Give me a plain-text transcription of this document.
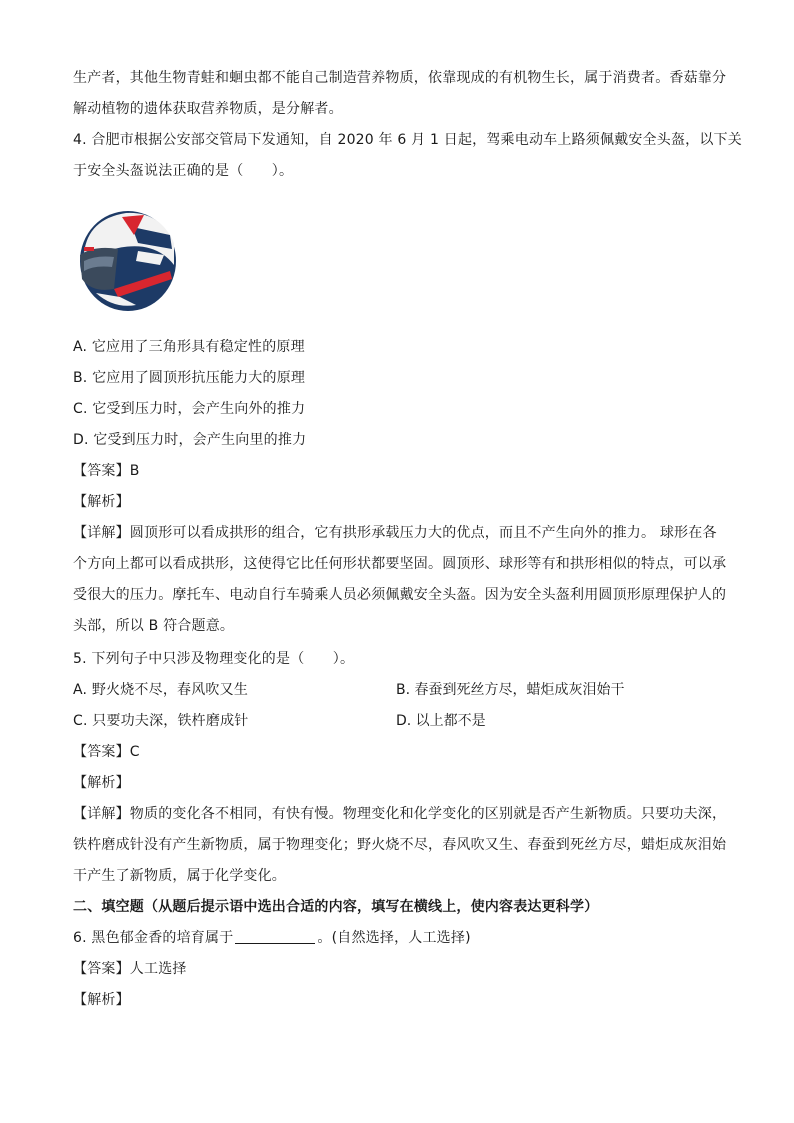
生产者，其他生物青蛙和蛔虫都不能自己制造营养物质，依靠现成的有机物生长，属于消费者。香菇靠分
解动植物的遗体获取营养物质，是分解者。
4. 合肥市根据公安部交管局下发通知，自 2020 年 6 月 1 日起，驾乘电动车上路须佩戴安全头盔，以下关
于安全头盔说法正确的是（　　）。
A. 它应用了三角形具有稳定性的原理
B. 它应用了圆顶形抗压能力大的原理
C. 它受到压力时，会产生向外的推力
D. 它受到压力时，会产生向里的推力
【答案】B
【解析】
【详解】圆顶形可以看成拱形的组合，它有拱形承载压力大的优点，而且不产生向外的推力。 球形在各
个方向上都可以看成拱形，这使得它比任何形状都要坚固。圆顶形、球形等有和拱形相似的特点，可以承
受很大的压力。摩托车、电动自行车骑乘人员必须佩戴安全头盔。因为安全头盔利用圆顶形原理保护人的
头部，所以 B 符合题意。
5. 下列句子中只涉及物理变化的是（　　）。
A. 野火烧不尽，春风吹又生	B. 春蚕到死丝方尽，蜡炬成灰泪始干
C. 只要功夫深，铁杵磨成针	D. 以上都不是
【答案】C
【解析】
【详解】物质的变化各不相同，有快有慢。物理变化和化学变化的区别就是否产生新物质。只要功夫深，
铁杵磨成针没有产生新物质，属于物理变化；野火烧不尽，春风吹又生、春蚕到死丝方尽，蜡炬成灰泪始
干产生了新物质，属于化学变化。
二、填空题（从题后提示语中选出合适的内容，填写在横线上，使内容表达更科学）
6. 黑色郁金香的培育属于	。(自然选择，人工选择)
【答案】人工选择
【解析】
